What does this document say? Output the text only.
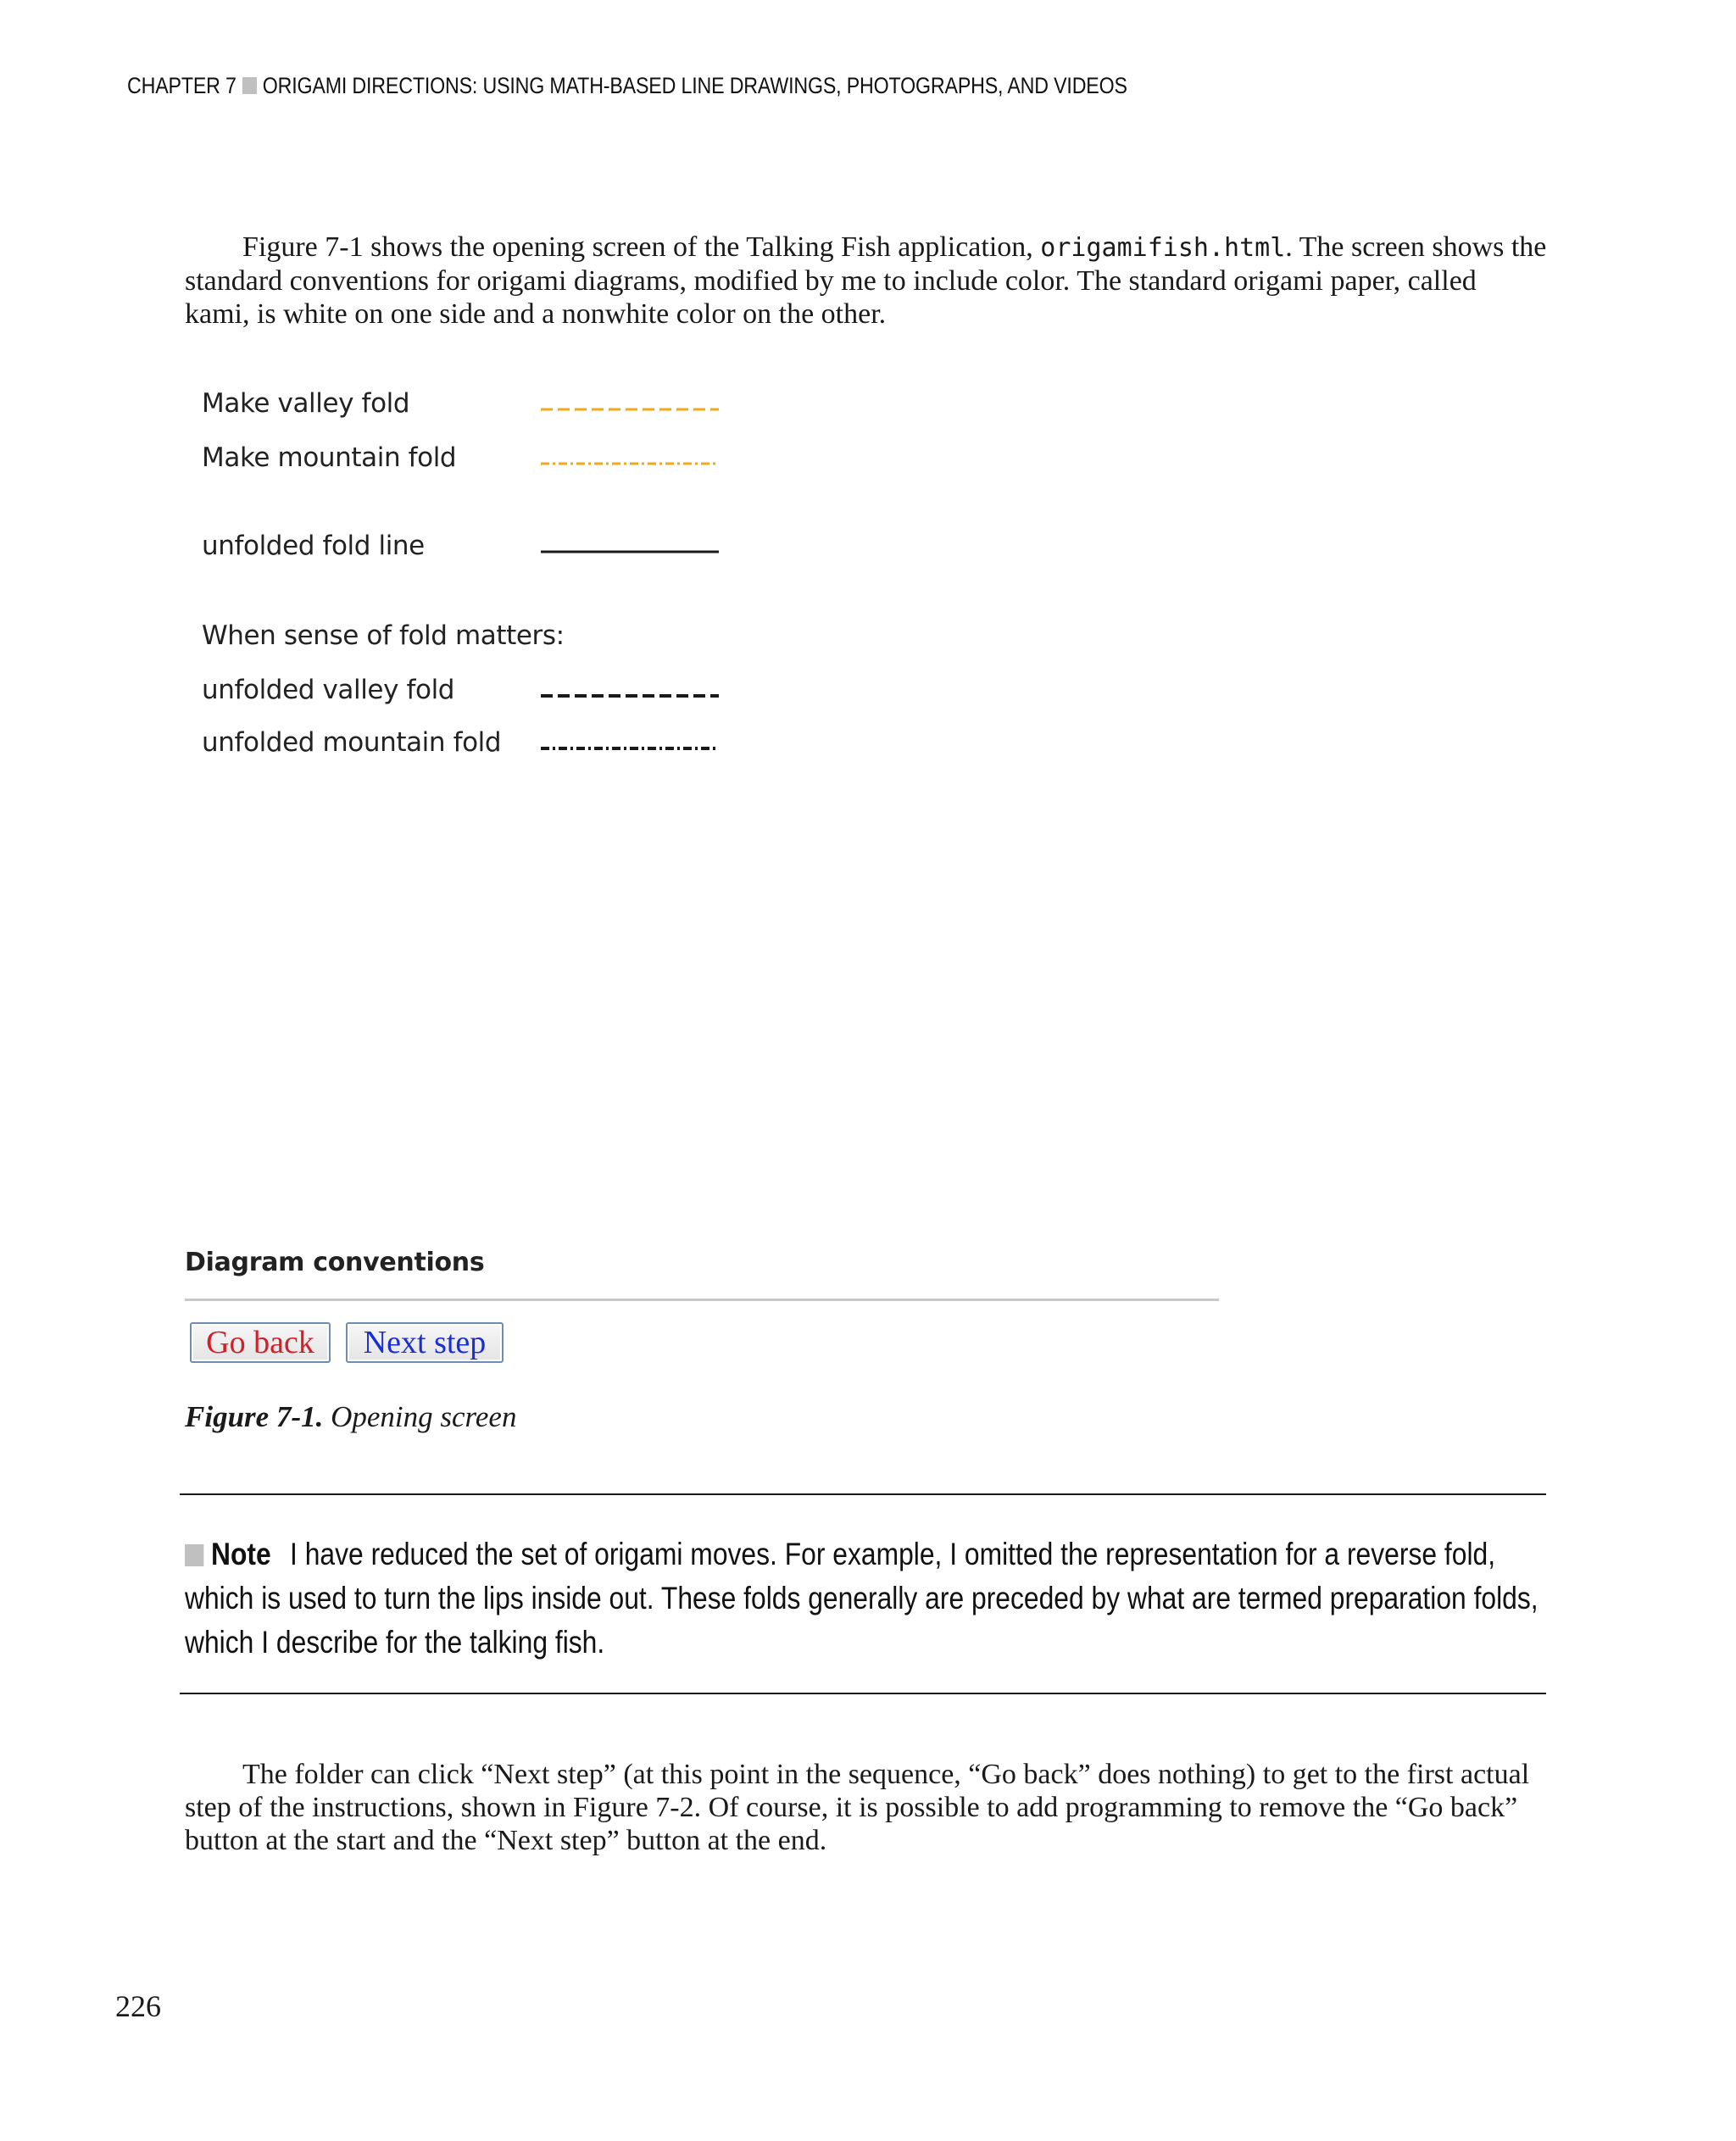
CHAPTER 7 ORIGAMI DIRECTIONS: USING MATH-BASED LINE DRAWINGS, PHOTOGRAPHS, AND VIDEOS

Figure 7-1 shows the opening screen of the Talking Fish application, origamifish.html. The screen shows the standard conventions for origami diagrams, modified by me to include color. The standard origami paper, called kami, is white on one side and a nonwhite color on the other.

Make valley fold
Make mountain fold
unfolded fold line
When sense of fold matters:
unfolded valley fold
unfolded mountain fold
Diagram conventions
Go back	Next step
Figure 7-1. Opening screen

Note I have reduced the set of origami moves. For example, I omitted the representation for a reverse fold, which is used to turn the lips inside out. These folds generally are preceded by what are termed preparation folds, which I describe for the talking fish.

The folder can click “Next step” (at this point in the sequence, “Go back” does nothing) to get to the first actual step of the instructions, shown in Figure 7-2. Of course, it is possible to add programming to remove the “Go back” button at the start and the “Next step” button at the end.

226
